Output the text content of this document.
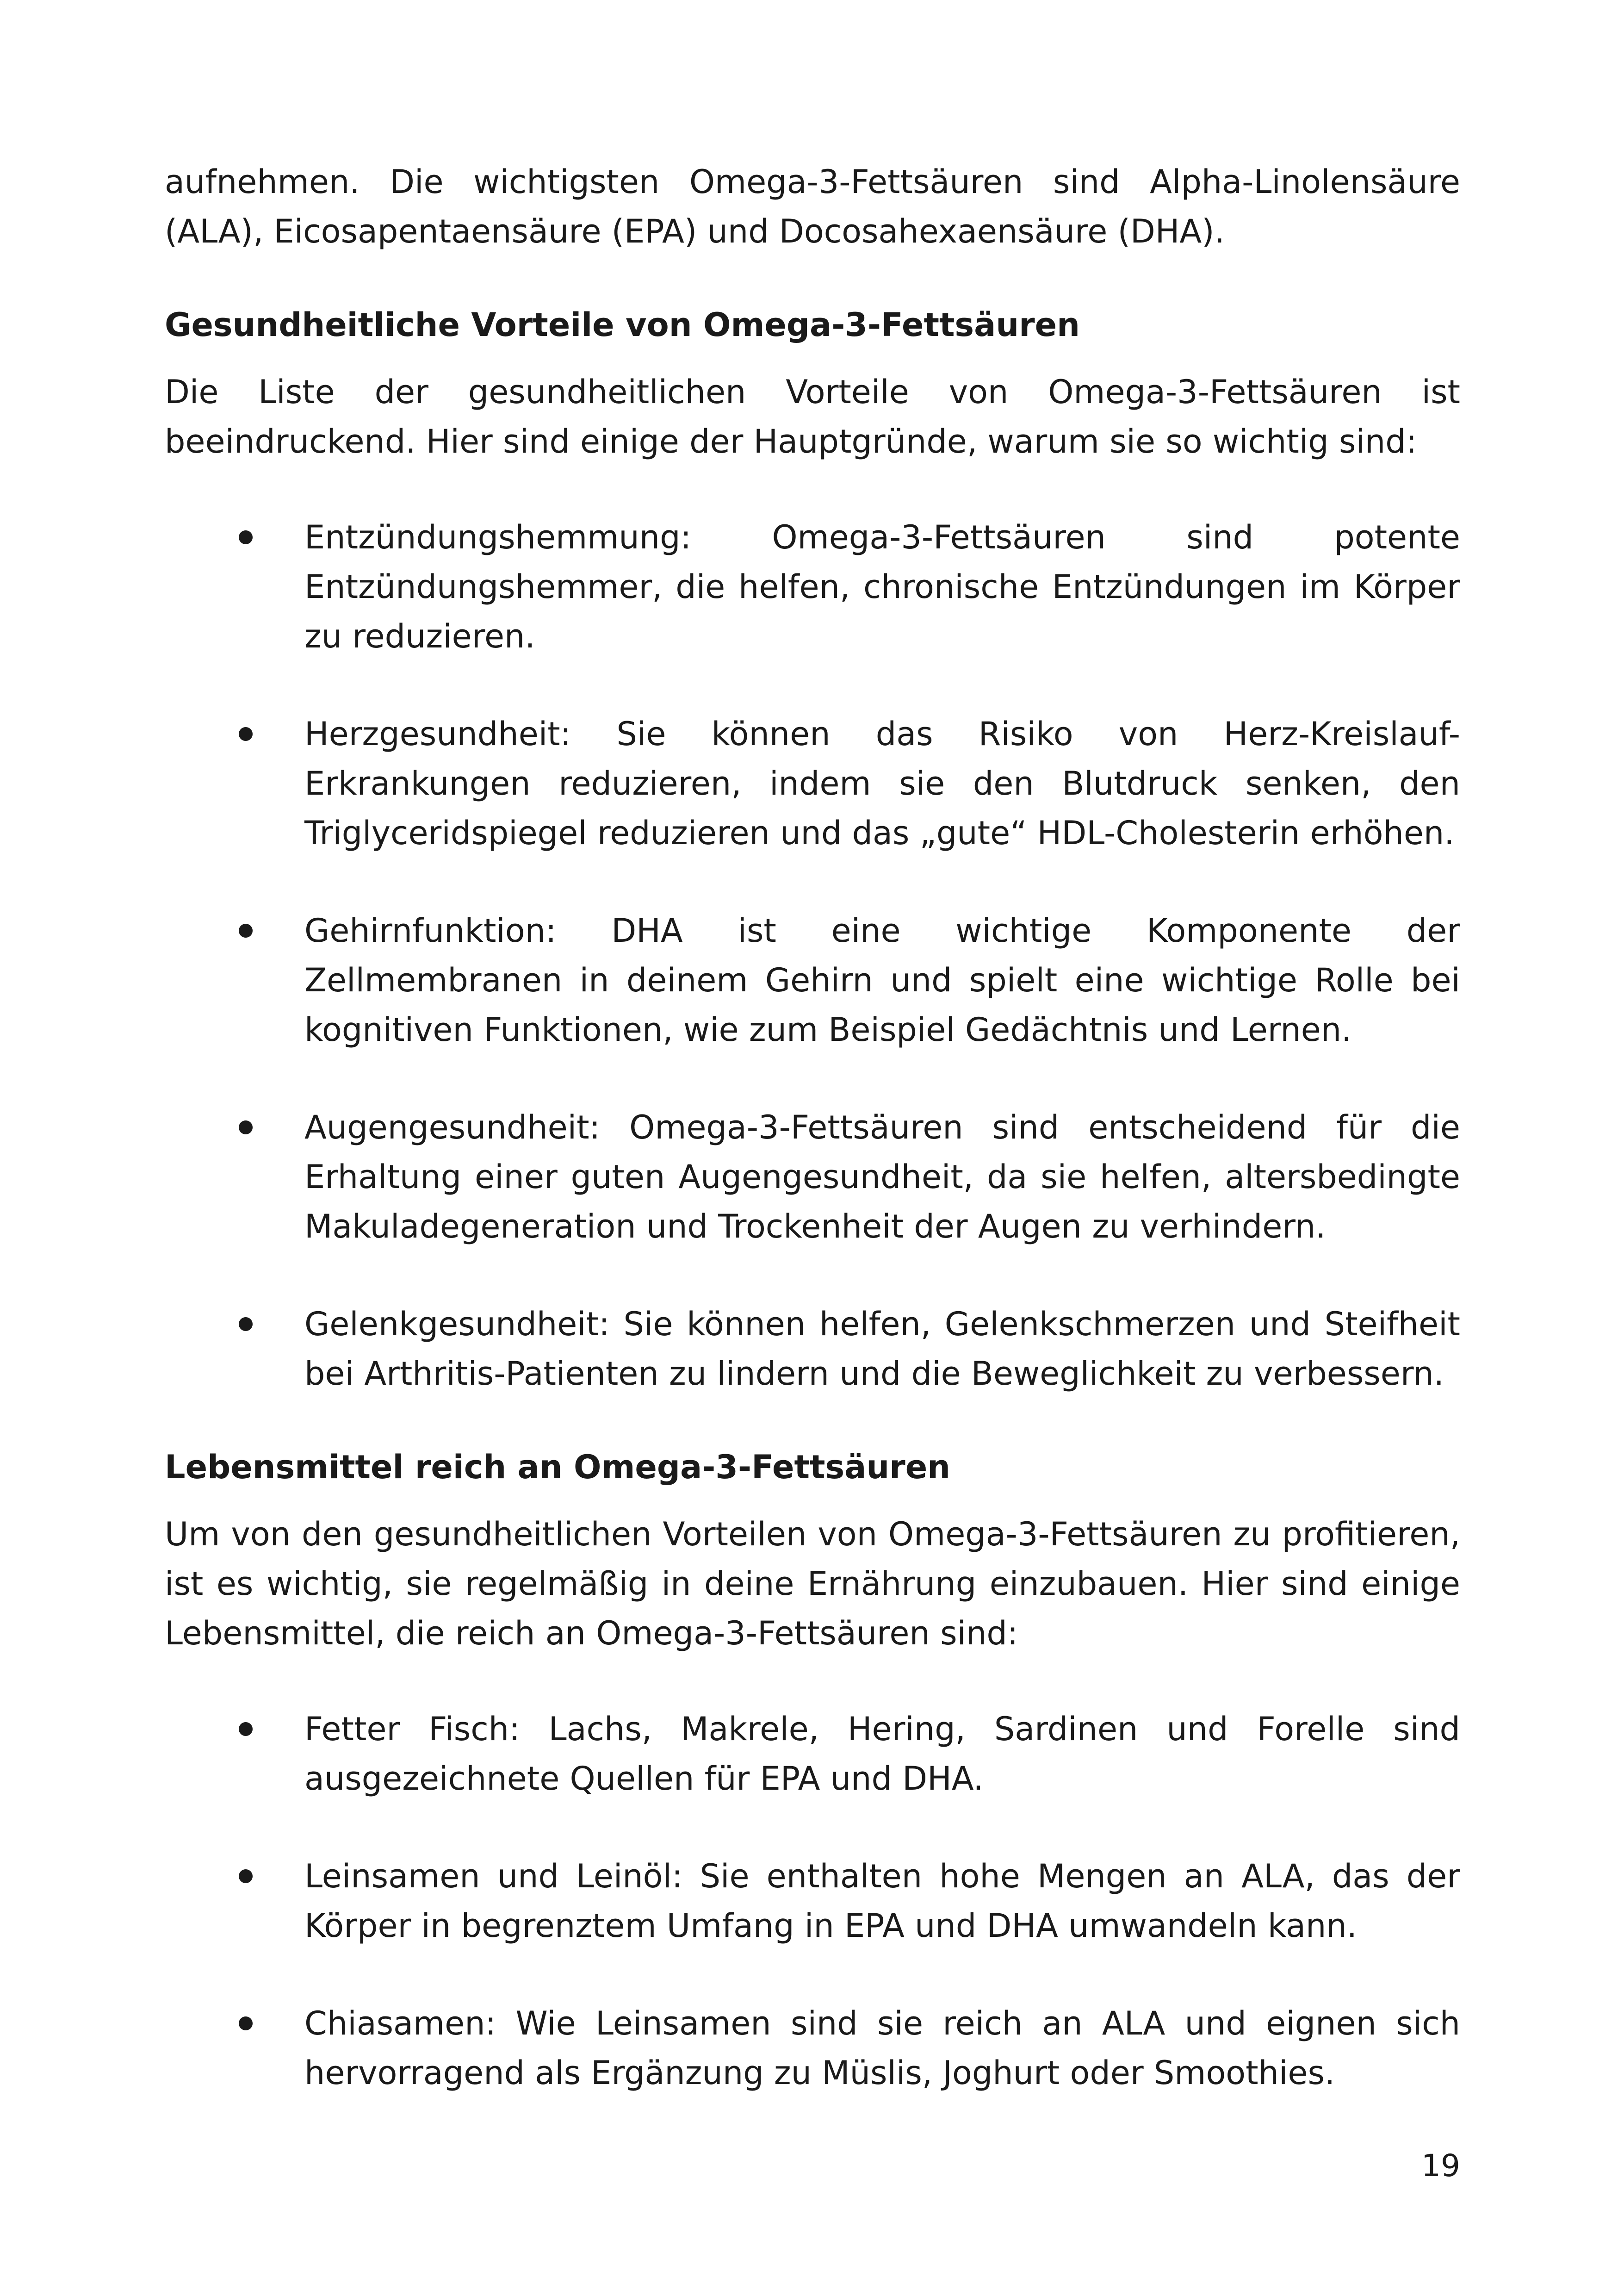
aufnehmen. Die wichtigsten Omega-3-Fettsäuren sind Alpha-Linolensäure (ALA), Eicosapentaensäure (EPA) und Docosahexaensäure (DHA).

Gesundheitliche Vorteile von Omega-3-Fettsäuren

Die Liste der gesundheitlichen Vorteile von Omega-3-Fettsäuren ist beeindruckend. Hier sind einige der Hauptgründe, warum sie so wichtig sind:

Entzündungshemmung: Omega-3-Fettsäuren sind potente Entzündungshemmer, die helfen, chronische Entzündungen im Körper zu reduzieren.
Herzgesundheit: Sie können das Risiko von Herz-Kreislauf-Erkrankungen reduzieren, indem sie den Blutdruck senken, den Triglyceridspiegel reduzieren und das „gute“ HDL-Cholesterin erhöhen.
Gehirnfunktion: DHA ist eine wichtige Komponente der Zellmembranen in deinem Gehirn und spielt eine wichtige Rolle bei kognitiven Funktionen, wie zum Beispiel Gedächtnis und Lernen.
Augengesundheit: Omega-3-Fettsäuren sind entscheidend für die Erhaltung einer guten Augengesundheit, da sie helfen, altersbedingte Makuladegeneration und Trockenheit der Augen zu verhindern.
Gelenkgesundheit: Sie können helfen, Gelenkschmerzen und Steifheit bei Arthritis-Patienten zu lindern und die Beweglichkeit zu verbessern.
Lebensmittel reich an Omega-3-Fettsäuren

Um von den gesundheitlichen Vorteilen von Omega-3-Fettsäuren zu profitieren, ist es wichtig, sie regelmäßig in deine Ernährung einzubauen. Hier sind einige Lebensmittel, die reich an Omega-3-Fettsäuren sind:

Fetter Fisch: Lachs, Makrele, Hering, Sardinen und Forelle sind ausgezeichnete Quellen für EPA und DHA.
Leinsamen und Leinöl: Sie enthalten hohe Mengen an ALA, das der Körper in begrenztem Umfang in EPA und DHA umwandeln kann.
Chiasamen: Wie Leinsamen sind sie reich an ALA und eignen sich hervorragend als Ergänzung zu Müslis, Joghurt oder Smoothies.
19
